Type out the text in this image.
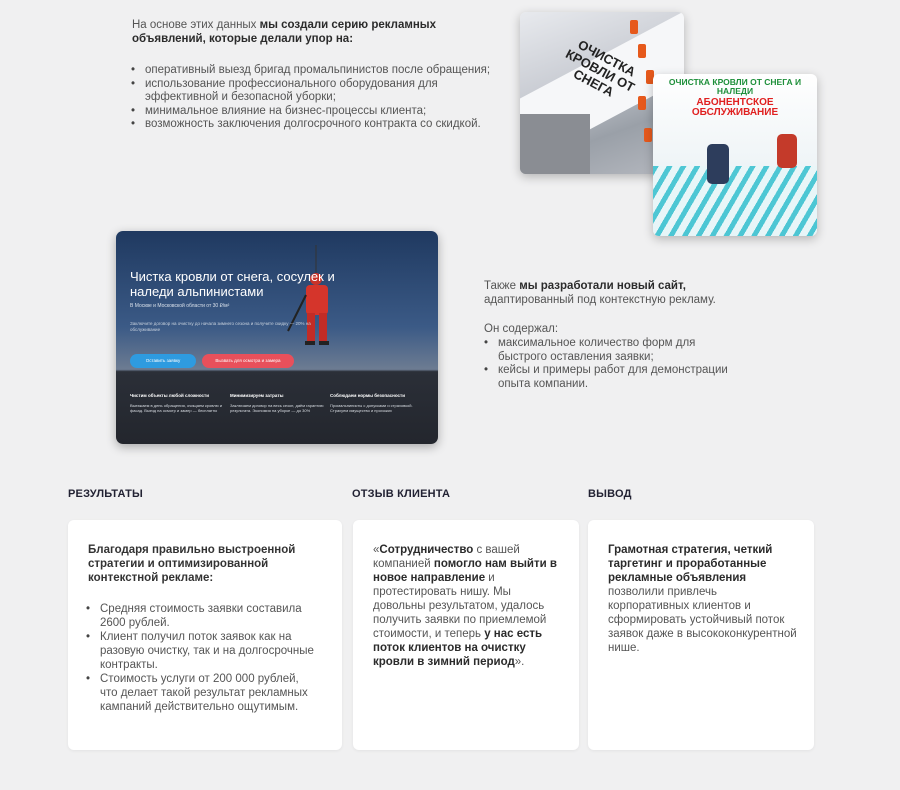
На основе этих данных мы создали серию рекламных объявлений, которые делали упор на:
• оперативный выезд бригад промальпинистов после обращения;
• использование профессионального оборудования для эффективной и безопасной уборки;
• минимальное влияние на бизнес-процессы клиента;
• возможность заключения долгосрочного контракта со скидкой.
ОЧИСТКА КРОВЛИ ОТ СНЕГА	ОЧИСТКА КРОВЛИ ОТ СНЕГА И НАЛЕДИ
АБОНЕНТСКОЕ ОБСЛУЖИВАНИЕ
Чистка кровли от снега, сосулек и наледи альпинистами
В Москве и Московской области от 30 ₽/м²
Заключите договор на очистку до начала зимнего сезона и получите скидку — 20% на обслуживание
Оставить заявку	Вызвать для осмотра и замера
Чистим объекты любой сложности
Выезжаем в день обращения, очищаем кровлю и фасад. Выезд на осмотр и замер — бесплатно
Минимизируем затраты
Заключаем договор на весь сезон, даём гарантию результата. Экономия на уборке — до 30%
Соблюдаем нормы безопасности
Промальпинисты с допусками и страховкой. Страхуем имущество и прохожих
Также мы разработали новый сайт,
адаптированный под контекстную рекламу.
Он содержал:
• максимальное количество форм для быстрого оставления заявки;
• кейсы и примеры работ для демонстрации опыта компании.
РЕЗУЛЬТАТЫ	ОТЗЫВ КЛИЕНТА	ВЫВОД
Благодаря правильно выстроенной стратегии и оптимизированной контекстной рекламе:
• Средняя стоимость заявки составила 2600 рублей.
• Клиент получил поток заявок как на разовую очистку, так и на долгосрочные контракты.
• Стоимость услуги от 200 000 рублей, что делает такой результат рекламных кампаний действительно ощутимым.
«Сотрудничество с вашей компанией помогло нам выйти в новое направление и протестировать нишу. Мы довольны результатом, удалось получить заявки по приемлемой стоимости, и теперь у нас есть поток клиентов на очистку кровли в зимний период».
Грамотная стратегия, четкий таргетинг и проработанные рекламные объявления позволили привлечь корпоративных клиентов и сформировать устойчивый поток заявок даже в высококонкурентной нише.
